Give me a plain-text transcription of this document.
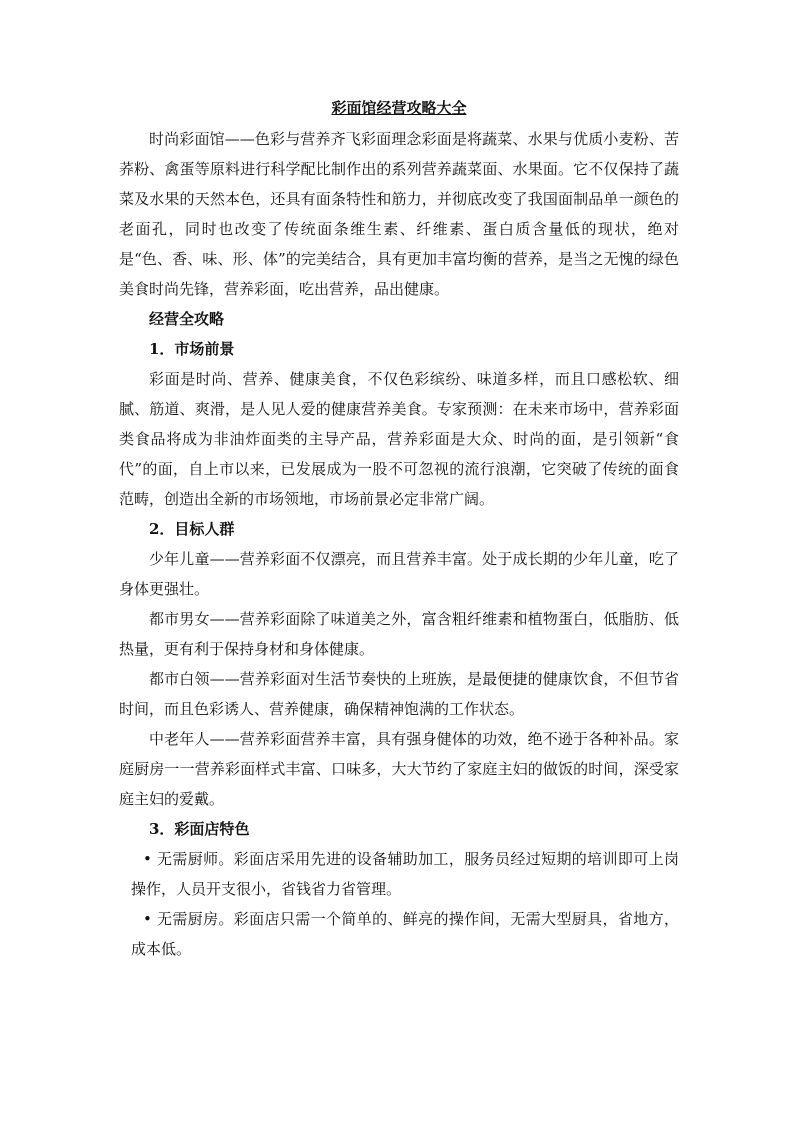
彩面馆经营攻略大全

时尚彩面馆——色彩与营养齐飞彩面理念彩面是将蔬菜、水果与优质小麦粉、苦荞粉、禽蛋等原料进行科学配比制作出的系列营养蔬菜面、水果面。它不仅保持了蔬菜及水果的天然本色，还具有面条特性和筋力，并彻底改变了我国面制品单一颜色的老面孔，同时也改变了传统面条维生素、纤维素、蛋白质含量低的现状，绝对是“色、香、味、形、体”的完美结合，具有更加丰富均衡的营养，是当之无愧的绿色美食时尚先锋，营养彩面，吃出营养，品出健康。

经营全攻略

1．市场前景

彩面是时尚、营养、健康美食，不仅色彩缤纷、味道多样，而且口感松软、细腻、筋道、爽滑，是人见人爱的健康营养美食。专家预测：在未来市场中，营养彩面类食品将成为非油炸面类的主导产品，营养彩面是大众、时尚的面，是引领新“食代”的面，自上市以来，已发展成为一股不可忽视的流行浪潮，它突破了传统的面食范畴，创造出全新的市场领地，市场前景必定非常广阔。

2．目标人群

少年儿童——营养彩面不仅漂亮，而且营养丰富。处于成长期的少年儿童，吃了身体更强壮。

都市男女——营养彩面除了味道美之外，富含粗纤维素和植物蛋白，低脂肪、低热量，更有利于保持身材和身体健康。

都市白领——营养彩面对生活节奏快的上班族，是最便捷的健康饮食，不但节省时间，而且色彩诱人、营养健康，确保精神饱满的工作状态。

中老年人——营养彩面营养丰富，具有强身健体的功效，绝不逊于各种补品。家庭厨房一一营养彩面样式丰富、口味多，大大节约了家庭主妇的做饭的时间，深受家庭主妇的爱戴。

3．彩面店特色

• 无需厨师。彩面店采用先进的设备辅助加工，服务员经过短期的培训即可上岗操作，人员开支很小，省钱省力省管理。

• 无需厨房。彩面店只需一个简单的、鲜亮的操作间，无需大型厨具，省地方，成本低。
